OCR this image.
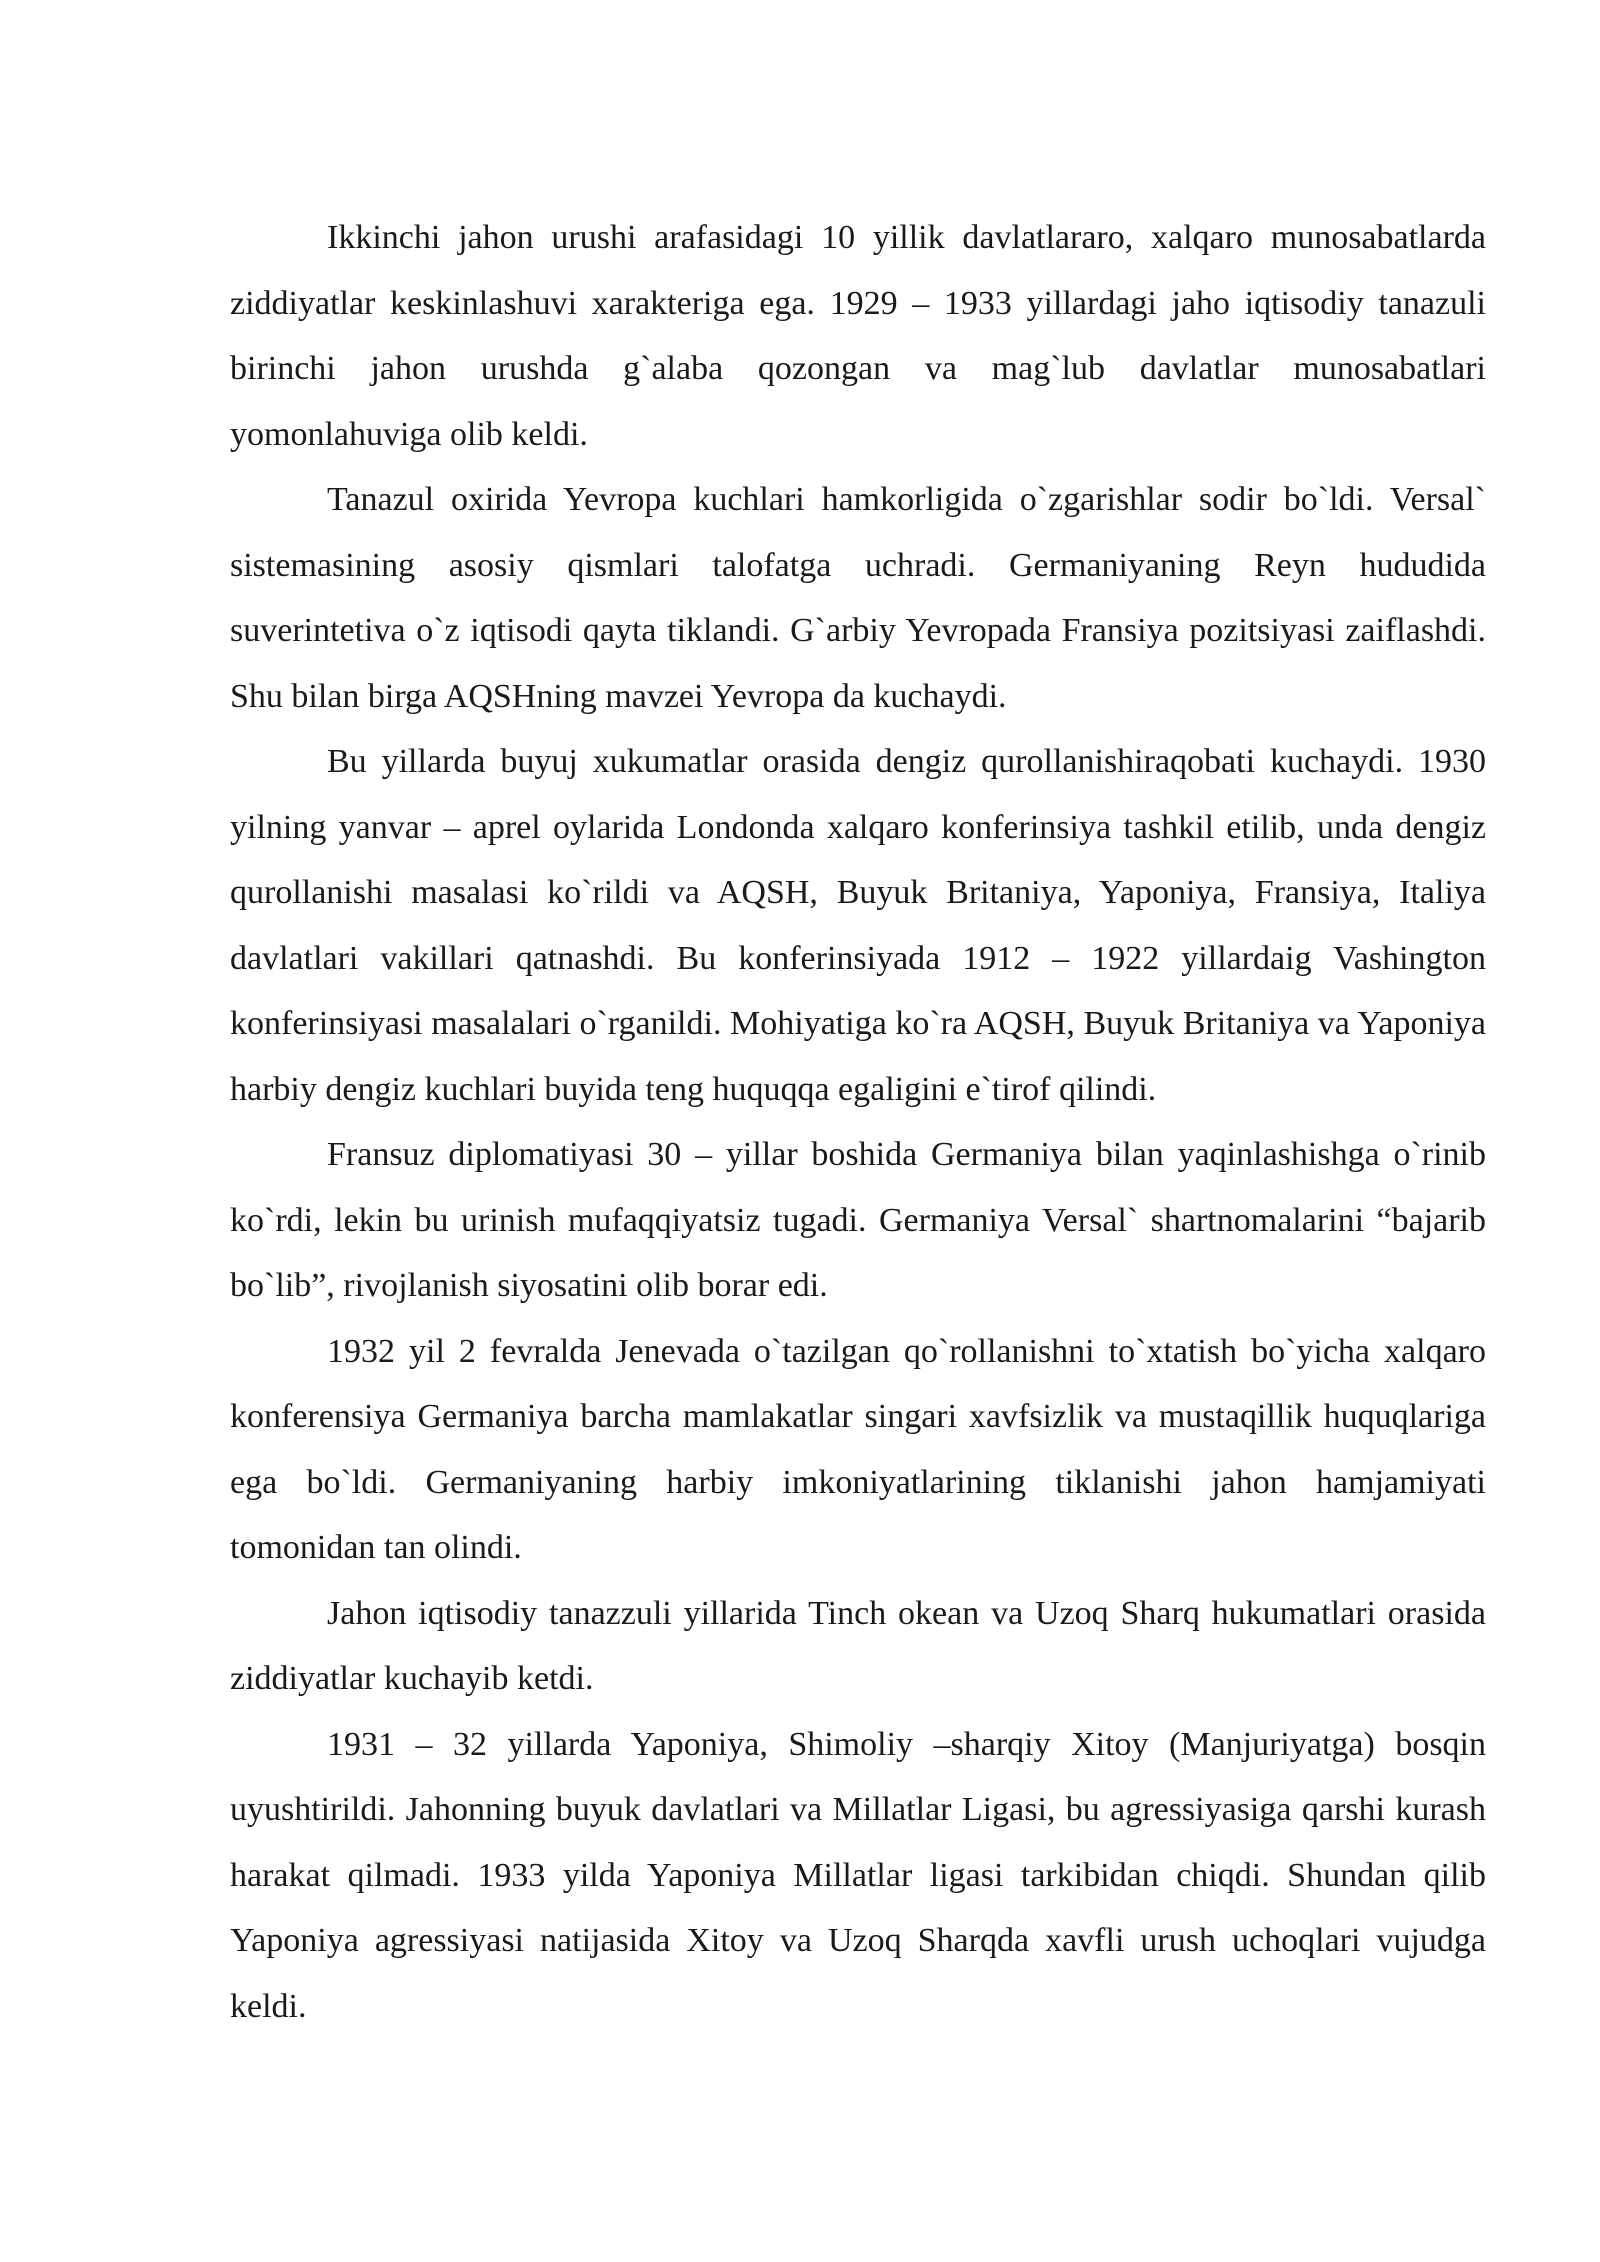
Ikkinchi jahon urushi arafasidagi 10 yillik davlatlararo, xalqaro munosabatlarda ziddiyatlar keskinlashuvi xarakteriga ega. 1929 – 1933 yillardagi jaho iqtisodiy tanazuli birinchi jahon urushda g`alaba qozongan va mag`lub davlatlar munosabatlari yomonlahuviga olib keldi.

Tanazul oxirida Yevropa kuchlari hamkorligida o`zgarishlar sodir bo`ldi. Versal` sistemasining asosiy qismlari talofatga uchradi. Germaniyaning Reyn hududida suverintetiva o`z iqtisodi qayta tiklandi. G`arbiy Yevropada Fransiya pozitsiyasi zaiflashdi. Shu bilan birga AQSHning mavzei Yevropa da kuchaydi.

Bu yillarda buyuj xukumatlar orasida dengiz qurollanishiraqobati kuchaydi. 1930 yilning yanvar – aprel oylarida Londonda xalqaro konferinsiya tashkil etilib, unda dengiz qurollanishi masalasi ko`rildi va AQSH, Buyuk Britaniya, Yaponiya, Fransiya, Italiya davlatlari vakillari qatnashdi. Bu konferinsiyada 1912 – 1922 yillardaig Vashington konferinsiyasi masalalari o`rganildi. Mohiyatiga ko`ra AQSH, Buyuk Britaniya va Yaponiya harbiy dengiz kuchlari buyida teng huquqqa egaligini e`tirof qilindi.

Fransuz diplomatiyasi 30 – yillar boshida Germaniya bilan yaqinlashishga o`rinib ko`rdi, lekin bu urinish mufaqqiyatsiz tugadi. Germaniya Versal` shartnomalarini “bajarib bo`lib”, rivojlanish siyosatini olib borar edi.

1932 yil 2 fevralda Jenevada o`tazilgan qo`rollanishni to`xtatish bo`yicha xalqaro konferensiya Germaniya barcha mamlakatlar singari xavfsizlik va mustaqillik huquqlariga ega bo`ldi. Germaniyaning harbiy imkoniyatlarining tiklanishi jahon hamjamiyati tomonidan tan olindi.

Jahon iqtisodiy tanazzuli yillarida Tinch okean va Uzoq Sharq hukumatlari orasida ziddiyatlar kuchayib ketdi.

1931 – 32 yillarda Yaponiya, Shimoliy –sharqiy Xitoy (Manjuriyatga) bosqin uyushtirildi. Jahonning buyuk davlatlari va Millatlar Ligasi, bu agressiyasiga qarshi kurash harakat qilmadi. 1933 yilda Yaponiya Millatlar ligasi tarkibidan chiqdi. Shundan qilib Yaponiya agressiyasi natijasida Xitoy va Uzoq Sharqda xavfli urush uchoqlari vujudga keldi.
